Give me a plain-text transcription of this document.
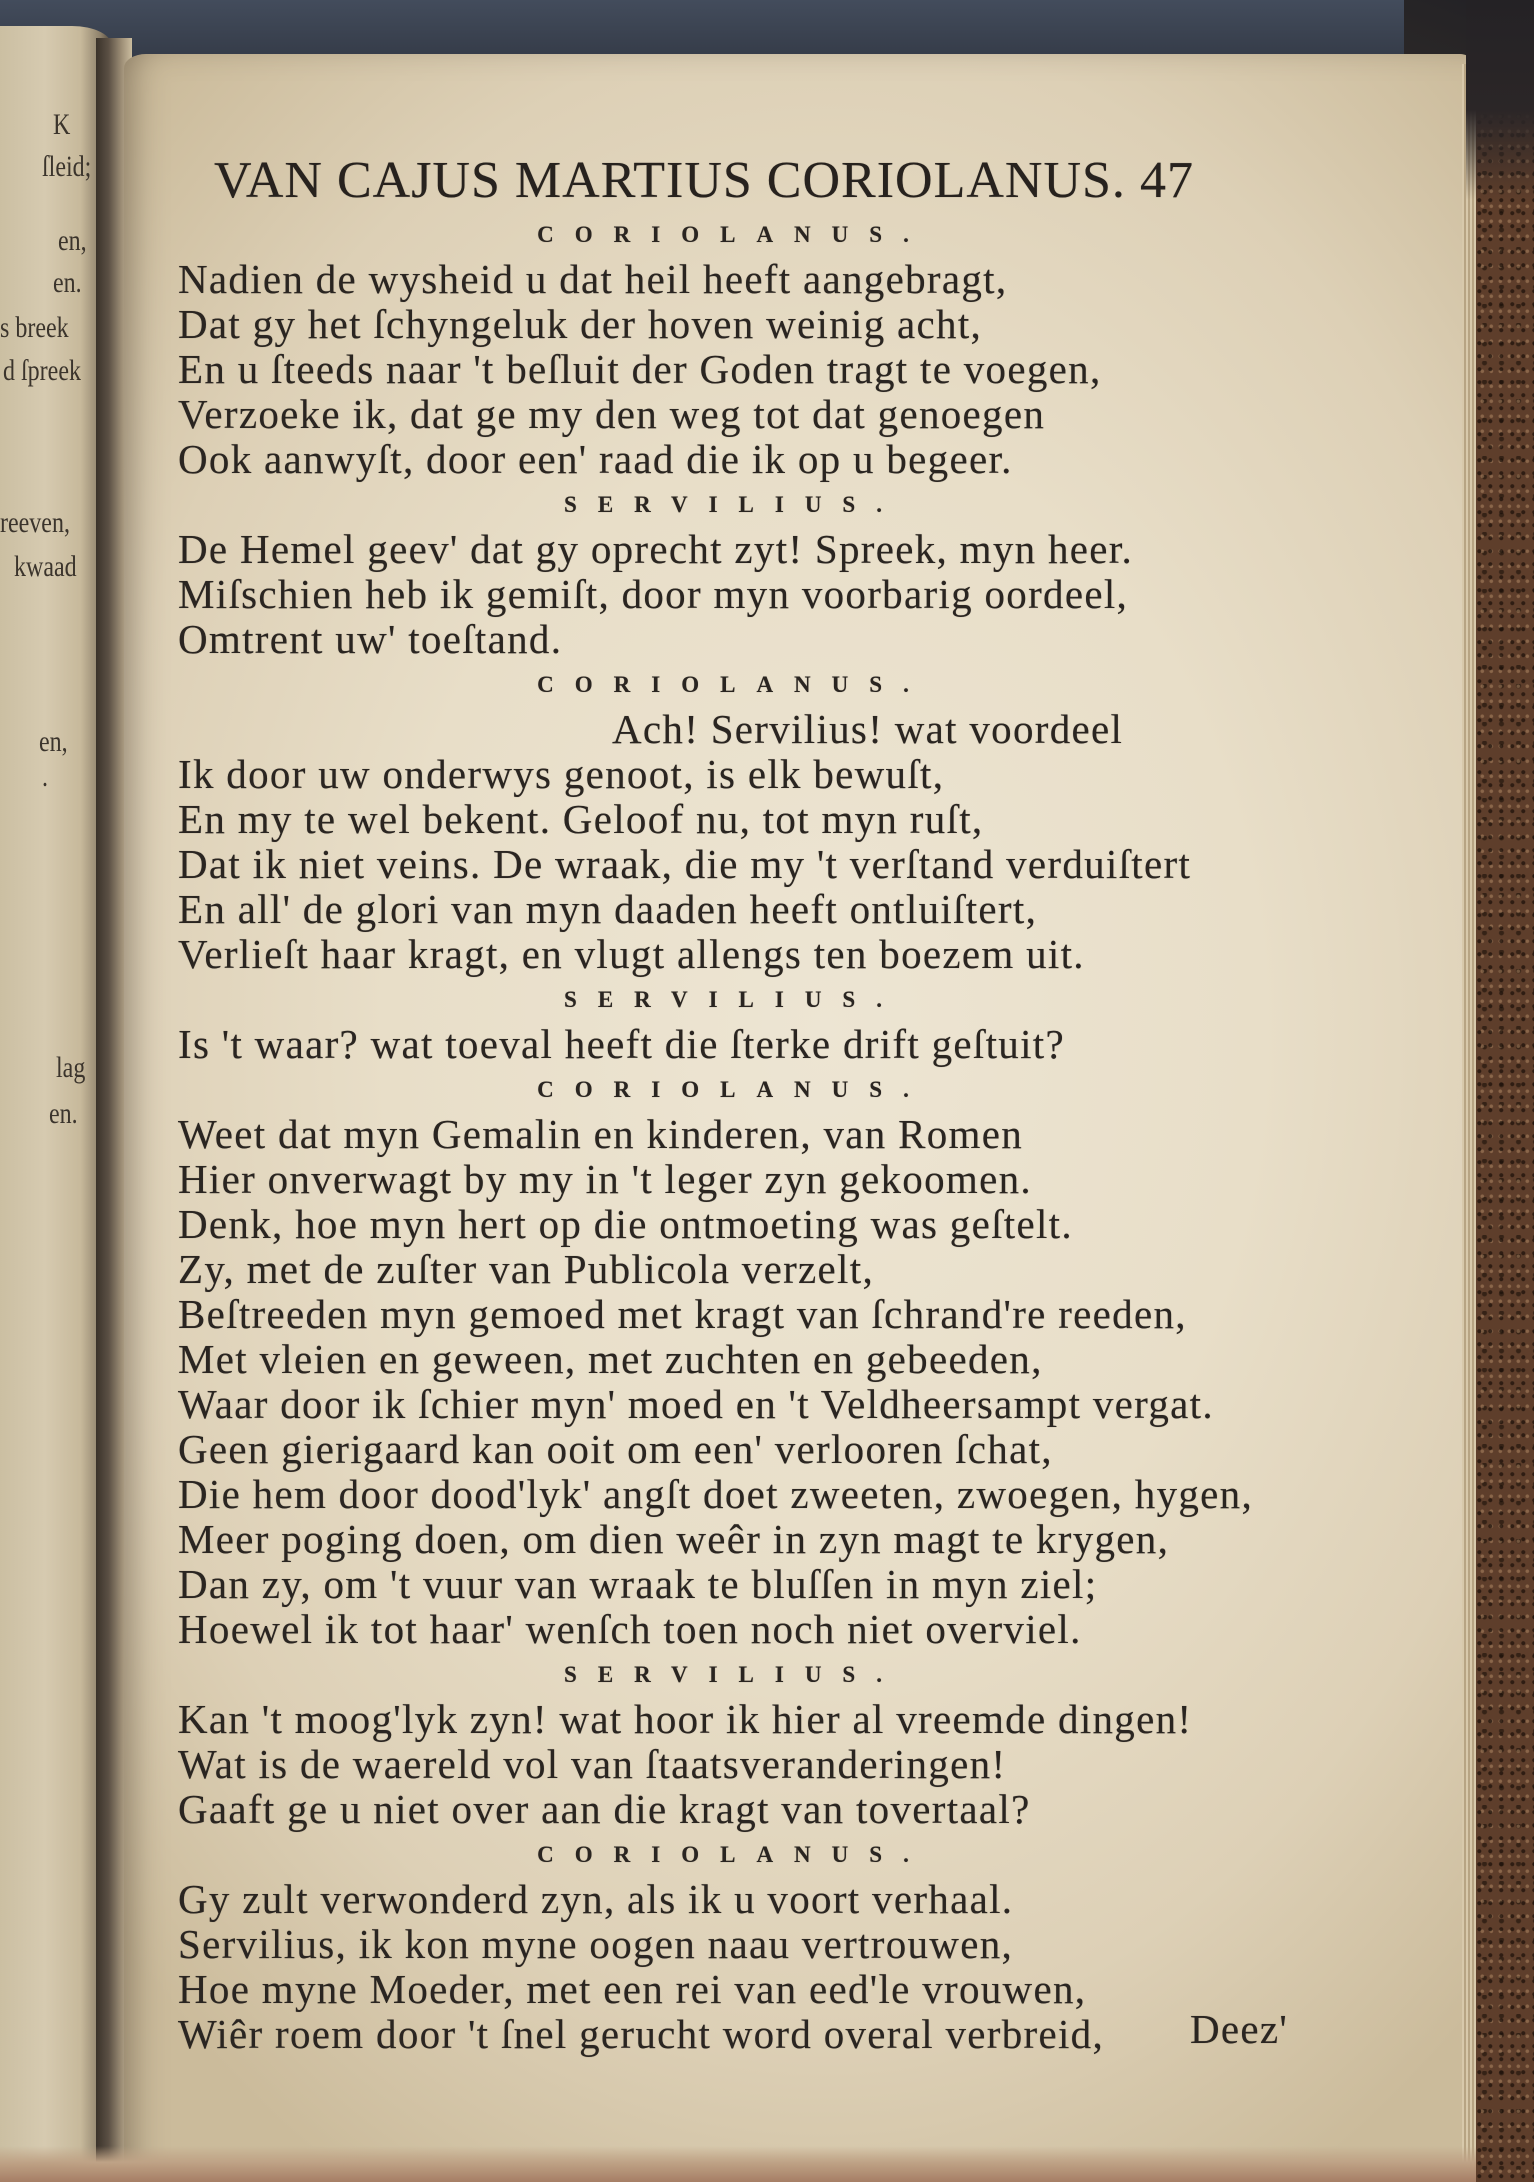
K
ſleid;
en,
en.
s breek
d ſpreek
reeven,
kwaad
en,
.
lag
en.
VAN CAJUS MARTIUS CORIOLANUS. 47
CORIOLANUS.
Nadien de wysheid u dat heil heeft aangebragt,
Dat gy het ſchyngeluk der hoven weinig acht,
En u ſteeds naar 't beſluit der Goden tragt te voegen,
Verzoeke ik, dat ge my den weg tot dat genoegen
Ook aanwyſt, door een' raad die ik op u begeer.
SERVILIUS.
De Hemel geev' dat gy oprecht zyt! Spreek, myn heer.
Miſschien heb ik gemiſt, door myn voorbarig oordeel,
Omtrent uw' toeſtand.
CORIOLANUS.
Ach! Servilius! wat voordeel
Ik door uw onderwys genoot, is elk bewuſt,
En my te wel bekent. Geloof nu, tot myn ruſt,
Dat ik niet veins. De wraak, die my 't verſtand verduiſtert
En all' de glori van myn daaden heeft ontluiſtert,
Verlieſt haar kragt, en vlugt allengs ten boezem uit.
SERVILIUS.
Is 't waar? wat toeval heeft die ſterke drift geſtuit?
CORIOLANUS.
Weet dat myn Gemalin en kinderen, van Romen
Hier onverwagt by my in 't leger zyn gekoomen.
Denk, hoe myn hert op die ontmoeting was geſtelt.
Zy, met de zuſter van Publicola verzelt,
Beſtreeden myn gemoed met kragt van ſchrand're reeden,
Met vleien en geween, met zuchten en gebeeden,
Waar door ik ſchier myn' moed en 't Veldheersampt vergat.
Geen gierigaard kan ooit om een' verlooren ſchat,
Die hem door dood'lyk' angſt doet zweeten, zwoegen, hygen,
Meer poging doen, om dien weêr in zyn magt te krygen,
Dan zy, om 't vuur van wraak te bluſſen in myn ziel;
Hoewel ik tot haar' wenſch toen noch niet overviel.
SERVILIUS.
Kan 't moog'lyk zyn! wat hoor ik hier al vreemde dingen!
Wat is de waereld vol van ſtaatsveranderingen!
Gaaft ge u niet over aan die kragt van tovertaal?
CORIOLANUS.
Gy zult verwonderd zyn, als ik u voort verhaal.
Servilius, ik kon myne oogen naau vertrouwen,
Hoe myne Moeder, met een rei van eed'le vrouwen,
Wiêr roem door 't ſnel gerucht word overal verbreid,	Deez'
